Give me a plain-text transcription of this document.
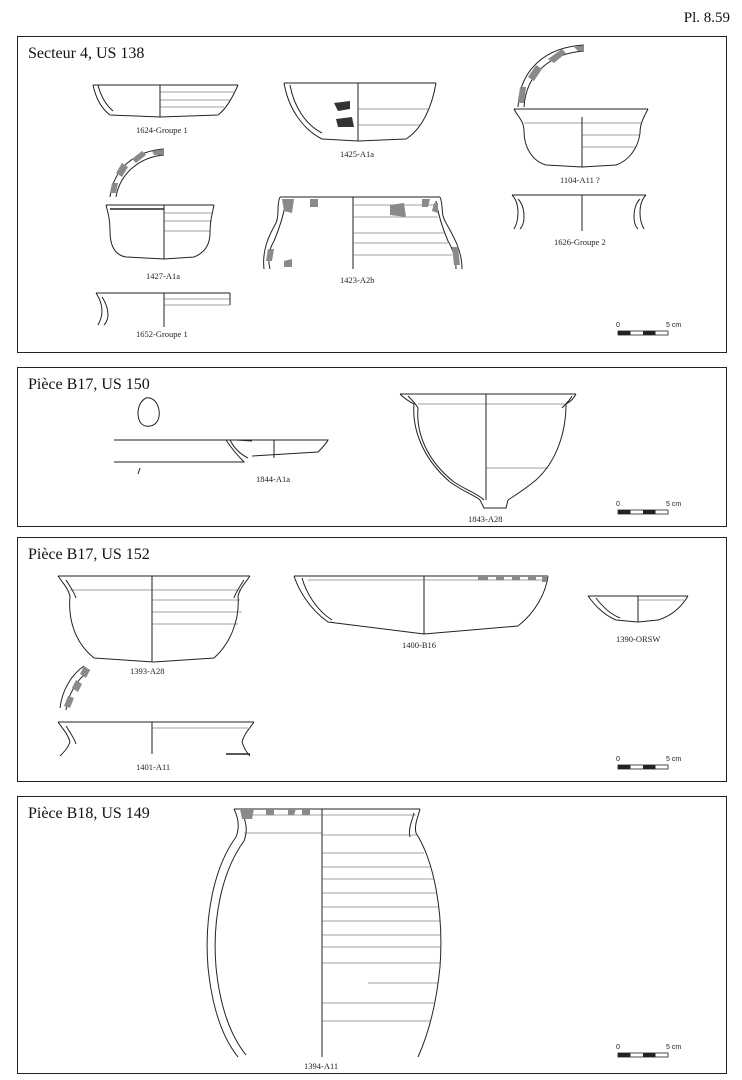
Pl. 8.59
Secteur 4, US 138
1624-Groupe 1
1425-A1a
1104-A11 ?
1427-A1a	1423-A2b
1626-Groupe 2
1652-Groupe 1
0	5 cm
Pièce B17, US 150
1844-A1a
1843-A28
0	5 cm
Pièce B17, US 152
1393-A28
1400-B16
1390-ORSW
1401-A11
0	5 cm
Pièce B18, US 149
1394-A11
0	5 cm
